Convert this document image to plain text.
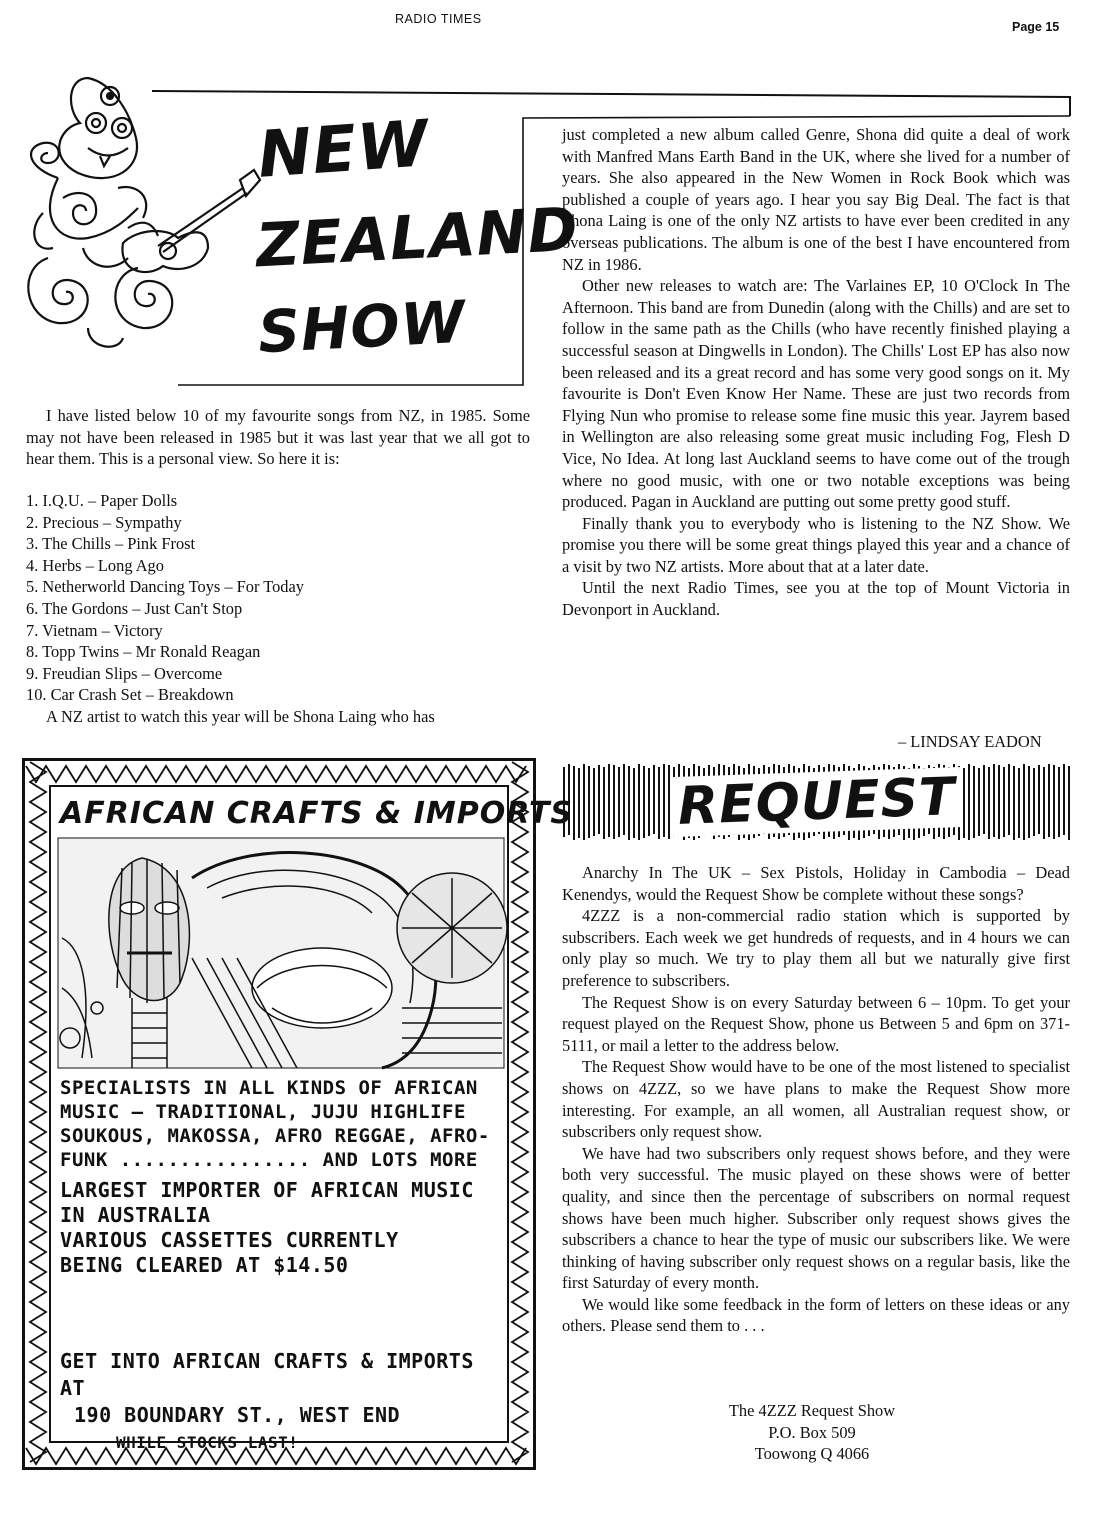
RADIO TIMES
Page 15
NEW
ZEALAND
SHOW

I have listed below 10 of my favourite songs from NZ, in 1985. Some may not have been released in 1985 but it was last year that we all got to hear them. This is a personal view. So here it is:

1. I.Q.U. – Paper Dolls
2. Precious – Sympathy
3. The Chills – Pink Frost
4. Herbs – Long Ago
5. Netherworld Dancing Toys – For Today
6. The Gordons – Just Can't Stop
7. Vietnam – Victory
8. Topp Twins – Mr Ronald Reagan
9. Freudian Slips – Overcome
10. Car Crash Set – Breakdown

A NZ artist to watch this year will be Shona Laing who has

just completed a new album called Genre, Shona did quite a deal of work with Manfred Mans Earth Band in the UK, where she lived for a number of years. She also appeared in the New Women in Rock Book which was published a couple of years ago. I hear you say Big Deal. The fact is that Shona Laing is one of the only NZ artists to have ever been credited in any overseas publications. The album is one of the best I have encountered from NZ in 1986.

Other new releases to watch are: The Varlaines EP, 10 O'Clock In The Afternoon. This band are from Dunedin (along with the Chills) and are set to follow in the same path as the Chills (who have recently finished playing a successful season at Dingwells in London). The Chills' Lost EP has also now been released and its a great record and has some very good songs on it. My favourite is Don't Even Know Her Name. These are just two records from Flying Nun who promise to release some fine music this year. Jayrem based in Wellington are also releasing some great music including Fog, Flesh D Vice, No Idea. At long last Auckland seems to have come out of the trough where no good music, with one or two notable exceptions was being produced. Pagan in Auckland are putting out some pretty good stuff.

Finally thank you to everybody who is listening to the NZ Show. We promise you there will be some great things played this year and a chance of a visit by two NZ artists. More about that at a later date.

Until the next Radio Times, see you at the top of Mount Victoria in Devonport in Auckland.

– LINDSAY EADON
AFRICAN CRAFTS & IMPORTS
SPECIALISTS IN ALL KINDS OF AFRICAN
MUSIC – TRADITIONAL, JUJU HIGHLIFE
SOUKOUS, MAKOSSA, AFRO REGGAE, AFRO-
FUNK ................ AND LOTS MORE
LARGEST IMPORTER OF AFRICAN MUSIC
IN AUSTRALIA
VARIOUS CASSETTES CURRENTLY
BEING CLEARED AT $14.50
GET INTO AFRICAN CRAFTS & IMPORTS AT
190 BOUNDARY ST., WEST END
WHILE STOCKS LAST!
REQUEST

Anarchy In The UK – Sex Pistols, Holiday in Cambodia – Dead Kenendys, would the Request Show be complete without these songs?

4ZZZ is a non-commercial radio station which is supported by subscribers. Each week we get hundreds of requests, and in 4 hours we can only play so much. We try to play them all but we naturally give first preference to subscribers.

The Request Show is on every Saturday between 6 – 10pm. To get your request played on the Request Show, phone us Between 5 and 6pm on 371-5111, or mail a letter to the address below.

The Request Show would have to be one of the most listened to specialist shows on 4ZZZ, so we have plans to make the Request Show more interesting. For example, an all women, all Australian request show, or subscribers only request show.

We have had two subscribers only request shows before, and they were both very successful. The music played on these shows were of better quality, and since then the percentage of subscribers on normal request shows have been much higher. Subscriber only request shows gives the subscribers a chance to hear the type of music our subscribers like. We were thinking of having subscriber only request shows on a regular basis, like the first Saturday of every month.

We would like some feedback in the form of letters on these ideas or any others. Please send them to . . .

The 4ZZZ Request Show
P.O. Box 509
Toowong Q 4066
